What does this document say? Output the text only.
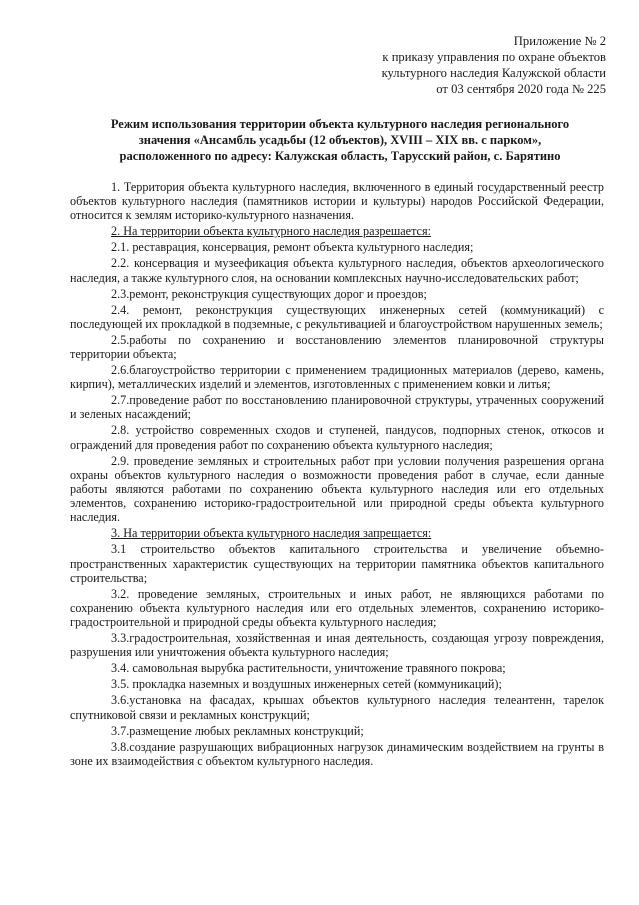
Приложение № 2
к приказу управления по охране объектов
культурного наследия Калужской области
от 03 сентября 2020 года № 225
Режим использования территории объекта культурного наследия регионального
значения «Ансамбль усадьбы (12 объектов), XVIII – XIX вв. с парком»,
расположенного по адресу: Калужская область, Тарусский район, с. Барятино

1. Территория объекта культурного наследия, включенного в единый государственный реестр объектов культурного наследия (памятников истории и культуры) народов Российской Федерации, относится к землям историко-культурного назначения.

2. На территории объекта культурного наследия разрешается:

2.1. реставрация, консервация, ремонт объекта культурного наследия;

2.2. консервация и музеефикация объекта культурного наследия, объектов археологического наследия, а также культурного слоя, на основании комплексных научно-исследовательских работ;

2.3.ремонт, реконструкция существующих дорог и проездов;

2.4. ремонт, реконструкция существующих инженерных сетей (коммуникаций) с последующей их прокладкой в подземные, с рекультивацией и благоустройством нарушенных земель;

2.5.работы по сохранению и восстановлению элементов планировочной структуры территории объекта;

2.6.благоустройство территории с применением традиционных материалов (дерево, камень, кирпич), металлических изделий и элементов, изготовленных с применением ковки и литья;

2.7.проведение работ по восстановлению планировочной структуры, утраченных сооружений и зеленых насаждений;

2.8. устройство современных сходов и ступеней, пандусов, подпорных стенок, откосов и ограждений для проведения работ по сохранению объекта культурного наследия;

2.9. проведение земляных и строительных работ при условии получения разрешения органа охраны объектов культурного наследия о возможности проведения работ в случае, если данные работы являются работами по сохранению объекта культурного наследия или его отдельных элементов, сохранению историко-градостроительной или природной среды объекта культурного наследия.

3. На территории объекта культурного наследия запрещается:

3.1 строительство объектов капитального строительства и увеличение объемно-пространственных характеристик существующих на территории памятника объектов капитального строительства;

3.2. проведение земляных, строительных и иных работ, не являющихся работами по сохранению объекта культурного наследия или его отдельных элементов, сохранению историко-градостроительной и природной среды объекта культурного наследия;

3.3.градостроительная, хозяйственная и иная деятельность, создающая угрозу повреждения, разрушения или уничтожения объекта культурного наследия;

3.4. самовольная вырубка растительности, уничтожение травяного покрова;

3.5. прокладка наземных и воздушных инженерных сетей (коммуникаций);

3.6.установка на фасадах, крышах объектов культурного наследия телеантенн, тарелок спутниковой связи и рекламных конструкций;

3.7.размещение любых рекламных конструкций;

3.8.создание разрушающих вибрационных нагрузок динамическим воздействием на грунты в зоне их взаимодействия с объектом культурного наследия.
